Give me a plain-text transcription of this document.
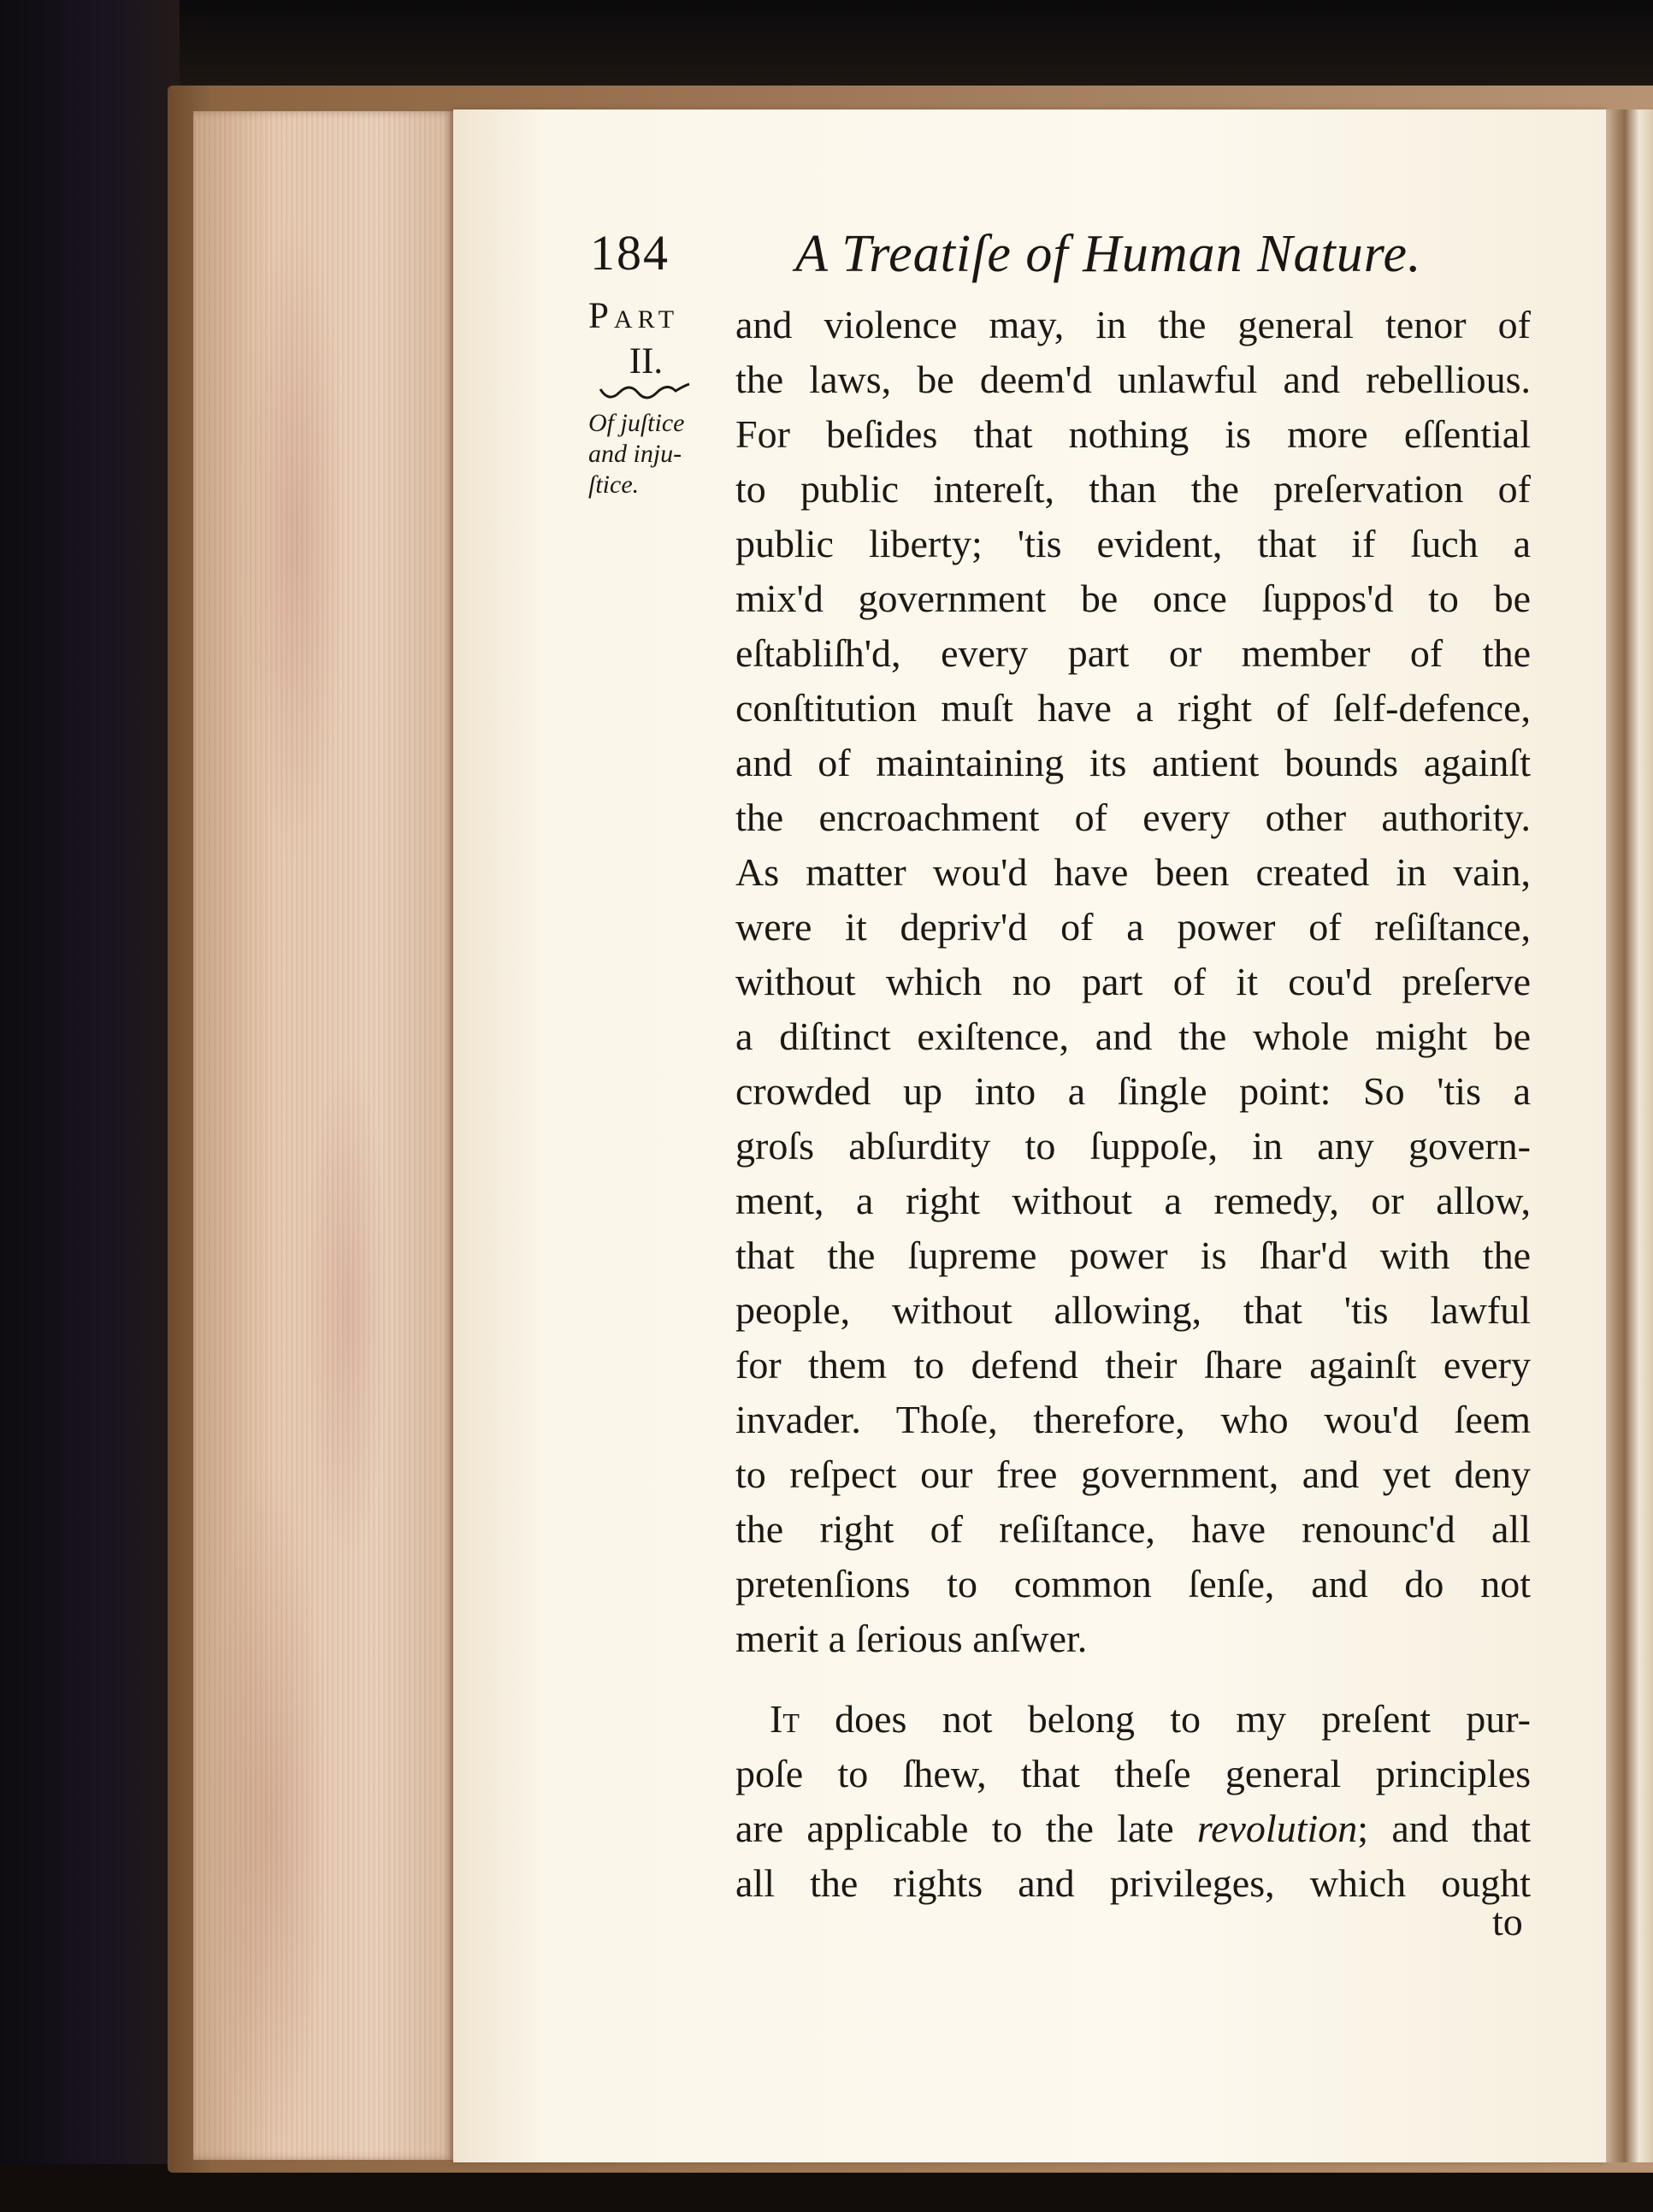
184 A Treatiſe of Human Nature.
Part
II.
Of juſtice
and inju-
ſtice.
and violence may, in the general tenor of
the laws, be deem'd unlawful and rebellious.
For beſides that nothing is more eſſential
to public intereſt, than the preſervation of
public liberty; 'tis evident, that if ſuch a
mix'd government be once ſuppos'd to be
eſtabliſh'd, every part or member of the
conſtitution muſt have a right of ſelf-defence,
and of maintaining its antient bounds againſt
the encroachment of every other authority.
As matter wou'd have been created in vain,
were it depriv'd of a power of reſiſtance,
without which no part of it cou'd preſerve
a diſtinct exiſtence, and the whole might be
crowded up into a ſingle point: So 'tis a
groſs abſurdity to ſuppoſe, in any govern-
ment, a right without a remedy, or allow,
that the ſupreme power is ſhar'd with the
people, without allowing, that 'tis lawful
for them to defend their ſhare againſt every
invader. Thoſe, therefore, who wou'd ſeem
to reſpect our free government, and yet deny
the right of reſiſtance, have renounc'd all
pretenſions to common ſenſe, and do not
merit a ſerious anſwer.
It does not belong to my preſent pur-
poſe to ſhew, that theſe general principles
are applicable to the late revolution; and that
all the rights and privileges, which ought
to
